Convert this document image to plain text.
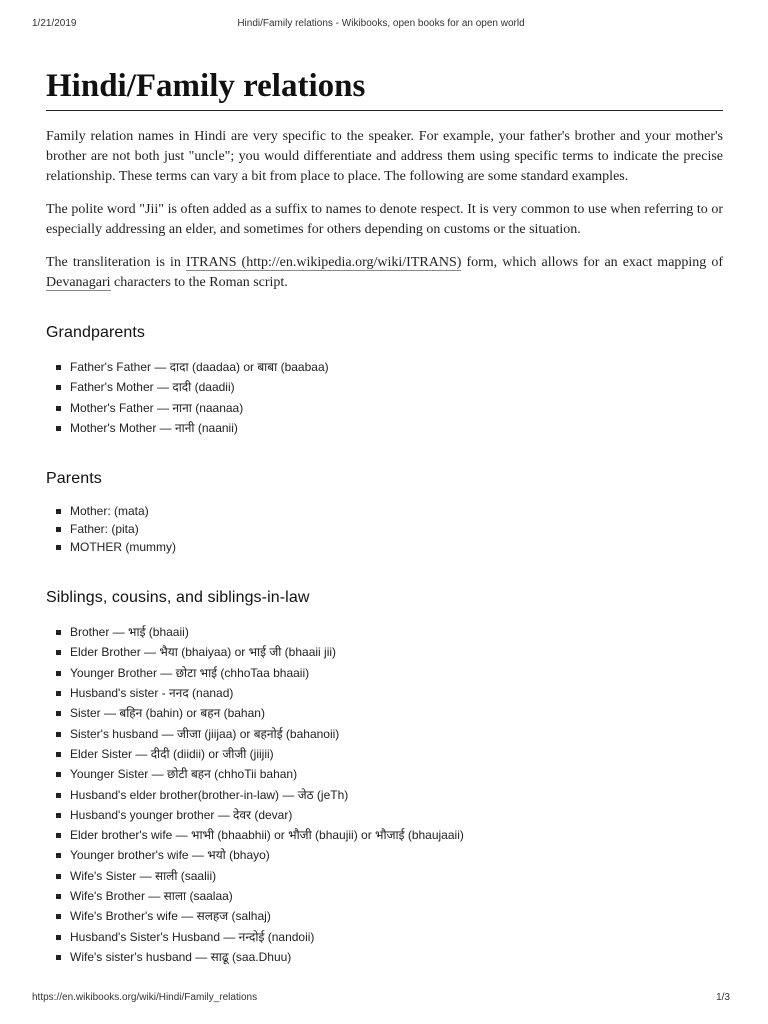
1/21/2019	Hindi/Family relations - Wikibooks, open books for an open world
Hindi/Family relations

Family relation names in Hindi are very specific to the speaker. For example, your father's brother and your mother's brother are not both just "uncle"; you would differentiate and address them using specific terms to indicate the precise relationship. These terms can vary a bit from place to place. The following are some standard examples.

The polite word "Jii" is often added as a suffix to names to denote respect. It is very common to use when referring to or especially addressing an elder, and sometimes for others depending on customs or the situation.

The transliteration is in ITRANS (http://en.wikipedia.org/wiki/ITRANS) form, which allows for an exact mapping of Devanagari characters to the Roman script.

Grandparents
Father's Father — दादा (daadaa) or बाबा (baabaa)
Father's Mother — दादी (daadii)
Mother's Father — नाना (naanaa)
Mother's Mother — नानी (naanii)
Parents
Mother: (mata)
Father: (pita)
MOTHER (mummy)
Siblings, cousins, and siblings-in-law
Brother — भाई (bhaaii)
Elder Brother — भैया (bhaiyaa) or भाई जी (bhaaii jii)
Younger Brother — छोटा भाई (chhoTaa bhaaii)
Husband's sister - ननद (nanad)
Sister — बहिन (bahin) or बहन (bahan)
Sister's husband — जीजा (jiijaa) or बहनोई (bahanoii)
Elder Sister — दीदी (diidii) or जीजी (jiijii)
Younger Sister — छोटी बहन (chhoTii bahan)
Husband's elder brother(brother-in-law) — जेठ (jeTh)
Husband's younger brother — देवर (devar)
Elder brother's wife — भाभी (bhaabhii) or भौजी (bhaujii) or भौजाई (bhaujaaii)
Younger brother's wife — भयो (bhayo)
Wife's Sister — साली (saalii)
Wife's Brother — साला (saalaa)
Wife's Brother's wife — सलहज (salhaj)
Husband's Sister's Husband — नन्दोई (nandoii)
Wife's sister's husband — साढू (saa.Dhuu)
https://en.wikibooks.org/wiki/Hindi/Family_relations	1/3
